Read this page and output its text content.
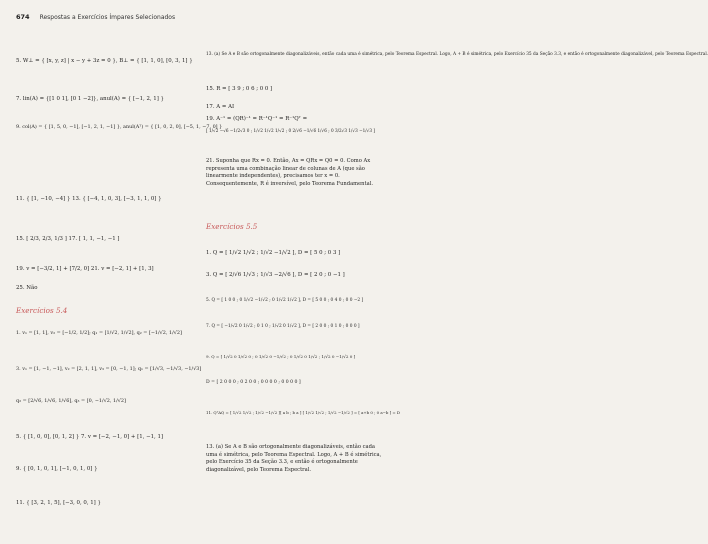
674 Respostas a Exercícios Ímpares Selecionados
5. W⊥ = { [x, y, z] | x − y + 3z = 0 }, B⊥ = { [1, 1, 0], [0, 3, 1] }
7. lin(A) = {[1 0 1], [0 1 −2]}, anul(A) = { [−1, 2, 1] }
9. col(A) = { [1, 5, 0, −1], [−1, 2, 1, −1] }, anul(Aᵀ) = { [1, 0, 2, 0], [−5, 1, −7, 0] }
11. { [1, −10, −4] } 13. { [−4, 1, 0, 3], [−3, 1, 1, 0] }
15. [ 2/3, 2/3, 1/3 ] 17. [ 1, 1, −1, −1 ]
19. v = [−3/2, 1] + [7/2, 0] 21. v = [−2, 1] + [1, 3]
25. Não
Exercícios 5.4
1. v₁ = [1, 1], v₂ = [−1/2, 1/2]; q₁ = [1/√2, 1/√2], q₂ = [−1/√2, 1/√2]
3. v₁ = [1, −1, −1], v₂ = [2, 1, 1], v₃ = [0, −1, 1]; q₁ = [1/√3, −1/√3, −1/√3]
q₂ = [2/√6, 1/√6, 1/√6], q₃ = [0, −1/√2, 1/√2]
5. { [1, 0, 0], [0, 1, 2] } 7. v = [−2, −1, 0] + [1, −1, 1]
9. { [0, 1, 0, 1], [−1, 0, 1, 0] }
11. { [3, 2, 1, 5], [−3, 0, 0, 1] }
13. (a) Se A e B são ortogonalmente diagonalizáveis, então cada uma é simétrica, pelo Teorema Espectral. Logo, A + B é simétrica, pelo Exercício 35 da Seção 3.3, e então é ortogonalmente diagonalizável, pelo Teorema Espectral.
15. R = [ 3 9 ; 0 6 ; 0 0 ]
17. A = AI
19. A⁻¹ = (QR)⁻¹ = R⁻¹Q⁻¹ = R⁻¹Qᵀ =
[ 1/√2 −√6 −1/2√3 0 ; 1/√2 1/√2 1/√2 ; 0 2/√6 −1/√6 1/√6 ; 0 3/2√3 1/√3 −1/√3 ]
21. Suponha que Rx = 0. Então, Ax = QRx = Q0 = 0. Como Ax representa uma combinação linear de colunas de A (que são linearmente independentes), precisamos ter x = 0. Consequentemente, R é inversível, pelo Teorema Fundamental.
Exercícios 5.5
1. Q = [ 1/√2 1/√2 ; 1/√2 −1/√2 ], D = [ 5 0 ; 0 3 ]
3. Q = [ 2/√6 1/√3 ; 1/√3 −2/√6 ], D = [ 2 0 ; 0 −1 ]
5. Q = [ 1 0 0 ; 0 1/√2 −1/√2 ; 0 1/√2 1/√2 ], D = [ 5 0 0 ; 0 4 0 ; 0 0 −2 ]
7. Q = [ −1/√2 0 1/√2 ; 0 1 0 ; 1/√2 0 1/√2 ], D = [ 2 0 0 ; 0 1 0 ; 0 0 0 ]
9. Q = [ 1/√2 0 1/√2 0 ; 0 1/√2 0 −1/√2 ; 0 1/√2 0 1/√2 ; 1/√2 0 −1/√2 0 ]
D = [ 2 0 0 0 ; 0 2 0 0 ; 0 0 0 0 ; 0 0 0 0 ]
11. QᵀAQ = [ 1/√2 1/√2 ; 1/√2 −1/√2 ][ a b ; b a ] [ 1/√2 1/√2 ; 1/√2 −1/√2 ] = [ a+b 0 ; 0 a−b ] = D
13. (a) Se A e B são ortogonalmente diagonalizáveis, então cada uma é simétrica, pelo Teorema Espectral. Logo, A + B é simétrica, pelo Exercício 35 da Seção 3.3, e então é ortogonalmente diagonalizável, pelo Teorema Espectral.
